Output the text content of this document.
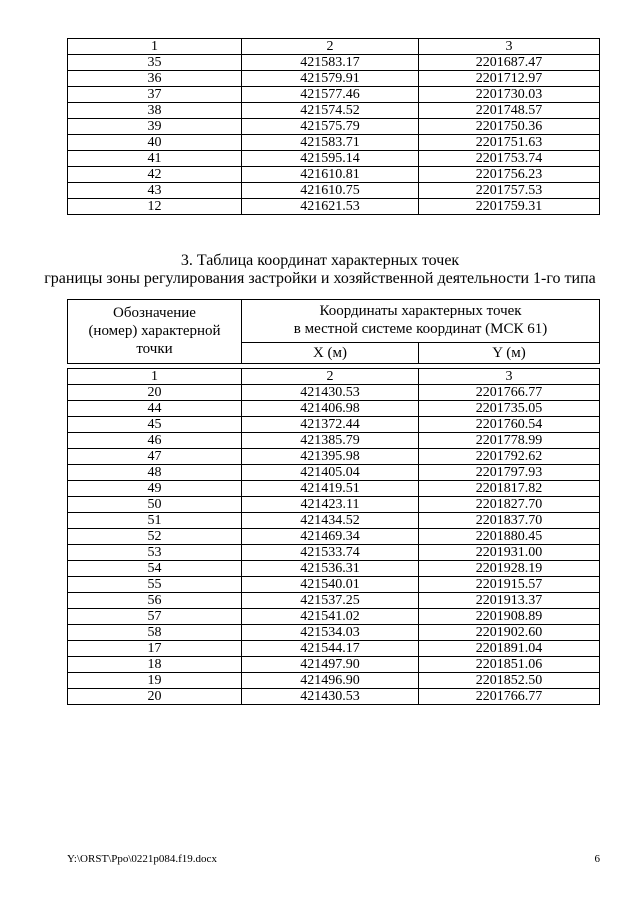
1	2	3
35	421583.17	2201687.47
36	421579.91	2201712.97
37	421577.46	2201730.03
38	421574.52	2201748.57
39	421575.79	2201750.36
40	421583.71	2201751.63
41	421595.14	2201753.74
42	421610.81	2201756.23
43	421610.75	2201757.53
12	421621.53	2201759.31
3. Таблица координат характерных точек
границы зоны регулирования застройки и хозяйственной деятельности 1-го типа
Обозначение (номер) характерной точки	Координаты характерных точек
в местной системе координат (МСК 61)	

	X (м)	Y (м)
1	2	3
20	421430.53	2201766.77
44	421406.98	2201735.05
45	421372.44	2201760.54
46	421385.79	2201778.99
47	421395.98	2201792.62
48	421405.04	2201797.93
49	421419.51	2201817.82
50	421423.11	2201827.70
51	421434.52	2201837.70
52	421469.34	2201880.45
53	421533.74	2201931.00
54	421536.31	2201928.19
55	421540.01	2201915.57
56	421537.25	2201913.37
57	421541.02	2201908.89
58	421534.03	2201902.60
17	421544.17	2201891.04
18	421497.90	2201851.06
19	421496.90	2201852.50
20	421430.53	2201766.77
Y:\ORST\Ppo\0221p084.f19.docx	6
